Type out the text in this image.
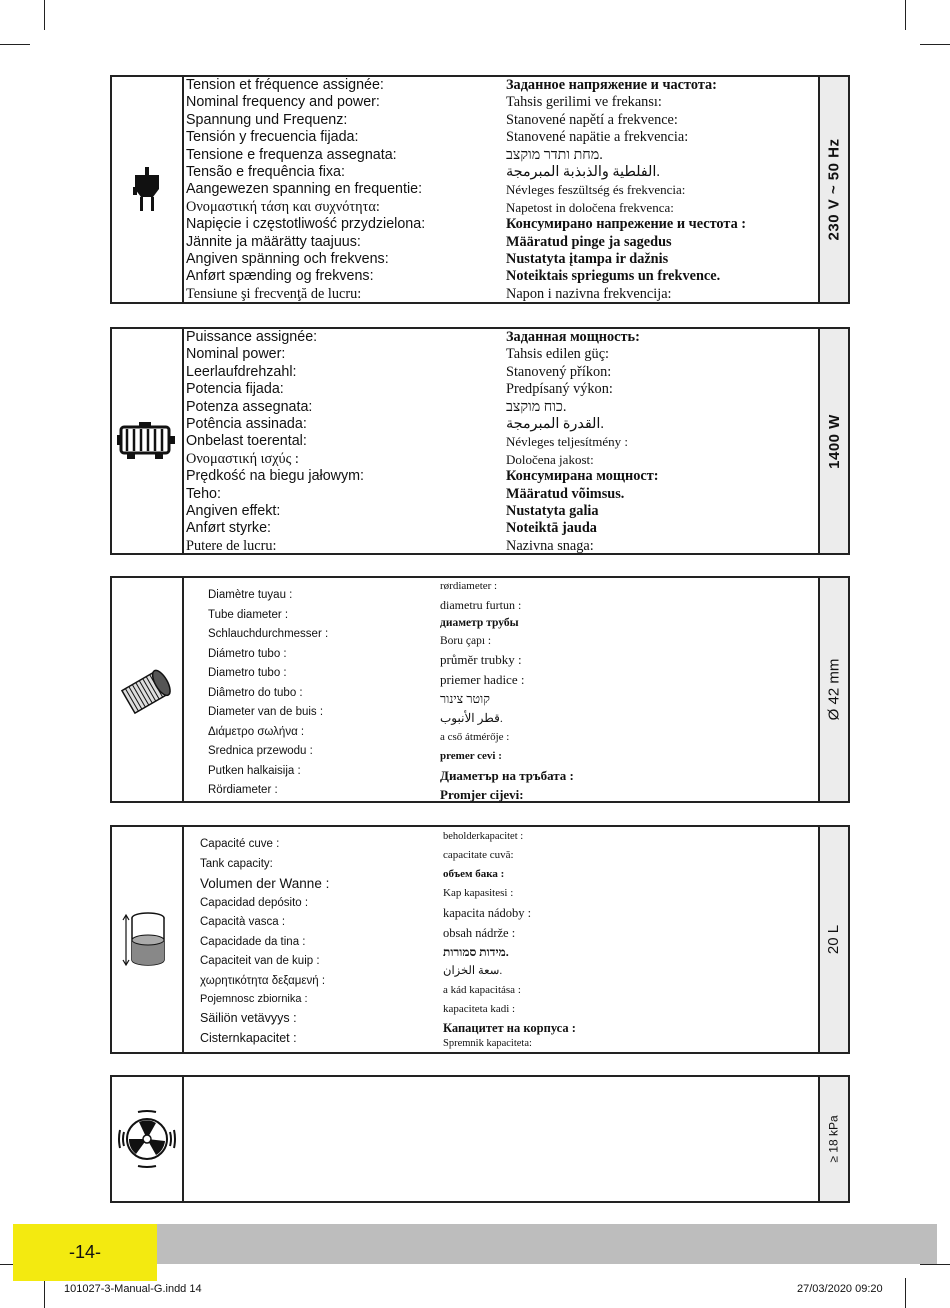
Tension et fréquence assignée:
Nominal frequency and power:
Spannung und Frequenz:
Tensión y frecuencia fijada:
Tensione e frequenza assegnata:
Tensão e frequência fixa:
Aangewezen spanning en frequentie:
Ονομαστική τάση και συχνότητα:
Napięcie i częstotliwość przydzielona:
Jännite ja määrätty taajuus:
Angiven spänning och frekvens:
Anført spænding og frekvens:
Tensiune şi frecvenţă de lucru:
Заданное напряжение и частота:
Tahsis gerilimi ve frekansı:
Stanovené napětí a frekvence:
Stanovené napätie a frekvencia:
מחת ותדר מוקצב.
الفلطية والذبذبة المبرمجة.
Névleges feszültség és frekvencia:
Napetost in določena frekvenca:
Консумирано напрежение и честота :
Määratud pinge ja sagedus
Nustatyta įtampa ir dažnis
Noteiktais spriegums un frekvence.
Napon i nazivna frekvencija:
230 V ~ 50 Hz
Puissance assignée:
Nominal power:
Leerlaufdrehzahl:
Potencia fijada:
Potenza assegnata:
Potência assinada:
Onbelast toerental:
Ονομαστική ισχύς :
Prędkość na biegu jałowym:
Teho:
Angiven effekt:
Anført styrke:
Putere de lucru:
Заданная мощность:
Tahsis edilen güç:
Stanovený příkon:
Predpísaný výkon:
כוח מוקצב.
القدرة المبرمجة.
Névleges teljesítmény :
Določena jakost:
Консумирана мощност:
Määratud võimsus.
Nustatyta galia
Noteiktā jauda
Nazivna snaga:
1400 W
Diamètre tuyau :
Tube diameter :
Schlauchdurchmesser :
Diámetro tubo :
Diametro tubo :
Diâmetro do tubo :
Diameter van de buis :
Διάμετρο σωλήνα :
Srednica przewodu :
Putken halkaisija :
Rördiameter :
rørdiameter :
diametru furtun :
диаметр трубы
Boru çapı :
průměr trubky :
priemer hadice :
קוטר צינור
قطر الأنبوب.
a cső átmérője :
premer cevi :
Диаметър на тръбата :
Promjer cijevi:
Ø 42 mm
Capacité cuve :
Tank capacity:
Volumen der Wanne :
Capacidad depósito :
Capacità vasca :
Capacidade da tina :
Capaciteit van de kuip :
χωρητικότητα δεξαμενή :
Pojemnosc zbiornika :
Säiliön vetävyys :
Cisternkapacitet :
beholderkapacitet :
capacitate cuvă:
объем бака :
Kap kapasitesi :
kapacita nádoby :
obsah nádrže :
מידות סמורות.
سعة الخزان.
a kád kapacitása :
kapaciteta kadi :
Капацитет на корпуса :
Spremnik kapaciteta:
20 L
≥ 18 kPa
-14-
101027-3-Manual-G.indd 14	27/03/2020 09:20
